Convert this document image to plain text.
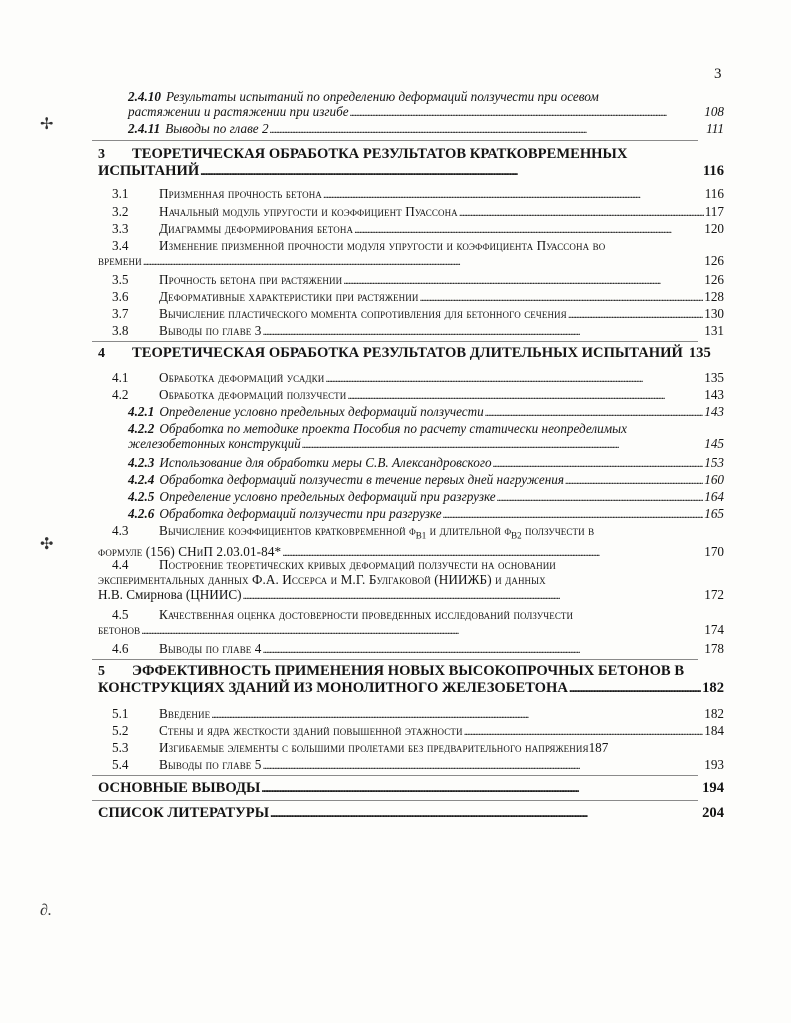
3
✢
✣
∂.
2.4.10 Результаты испытаний по определению деформаций ползучести при осевом
растяжении и растяжении при изгибе . . .	108
2.4.11 Выводы по главе 2 . . .	111
3 ТЕОРЕТИЧЕСКАЯ ОБРАБОТКА РЕЗУЛЬТАТОВ КРАТКОВРЕМЕННЫХ
ИСПЫТАНИЙ . . .	116
3.1 Призменная прочность бетона . . .	116
3.2 Начальный модуль упругости и коэффициент Пуассона . . .	117
3.3 Диаграммы деформирования бетона . . .	120
3.4 Изменение призменной прочности модуля упругости и коэффициента Пуассона во
времени . . .	126
3.5 Прочность бетона при растяжении . . .	126
3.6 Деформативные характеристики при растяжении . . .	128
3.7 Вычисление пластического момента сопротивления для бетонного сечения . . .	130
3.8 Выводы по главе 3 . . .	131
4 ТЕОРЕТИЧЕСКАЯ ОБРАБОТКА РЕЗУЛЬТАТОВ ДЛИТЕЛЬНЫХ ИСПЫТАНИЙ 135
4.1 Обработка деформаций усадки . . .	135
4.2 Обработка деформаций ползучести . . .	143
4.2.1 Определение условно предельных деформаций ползучести . . .	143
4.2.2 Обработка по методике проекта Пособия по расчету статически неопределимых
железобетонных конструкций . . .	145
4.2.3 Использование для обработки меры С.В. Александровского . . .	153
4.2.4 Обработка деформаций ползучести в течение первых дней нагружения . . .	160
4.2.5 Определение условно предельных деформаций при разгрузке . . .	164
4.2.6 Обработка деформаций ползучести при разгрузке . . .	165
4.3 Вычисление коэффициентов кратковременной $\varphi_{B1}$ и длительной $\varphi_{B2}$ ползучести в
формуле (156) СНиП 2.03.01-84* . . .	170
4.4 Построение теоретических кривых деформаций ползучести на основании
экспериментальных данных Ф.А. Иссерса и М.Г. Булгаковой (НИИЖБ) и данных
Н.В. Смирнова (ЦНИИС) . . .	172
4.5 Качественная оценка достоверности проведенных исследований ползучести
бетонов . . .	174
4.6 Выводы по главе 4 . . .	178
5 ЭФФЕКТИВНОСТЬ ПРИМЕНЕНИЯ НОВЫХ ВЫСОКОПРОЧНЫХ БЕТОНОВ В
КОНСТРУКЦИЯХ ЗДАНИЙ ИЗ МОНОЛИТНОГО ЖЕЛЕЗОБЕТОНА . . .	182
5.1 Введение . . .	182
5.2 Стены и ядра жесткости зданий повышенной этажности . . .	184
5.3 Изгибаемые элементы с большими пролетами без предварительного напряжения 187
5.4 Выводы по главе 5 . . .	193
ОСНОВНЫЕ ВЫВОДЫ . . .	194
СПИСОК ЛИТЕРАТУРЫ . . .	204
